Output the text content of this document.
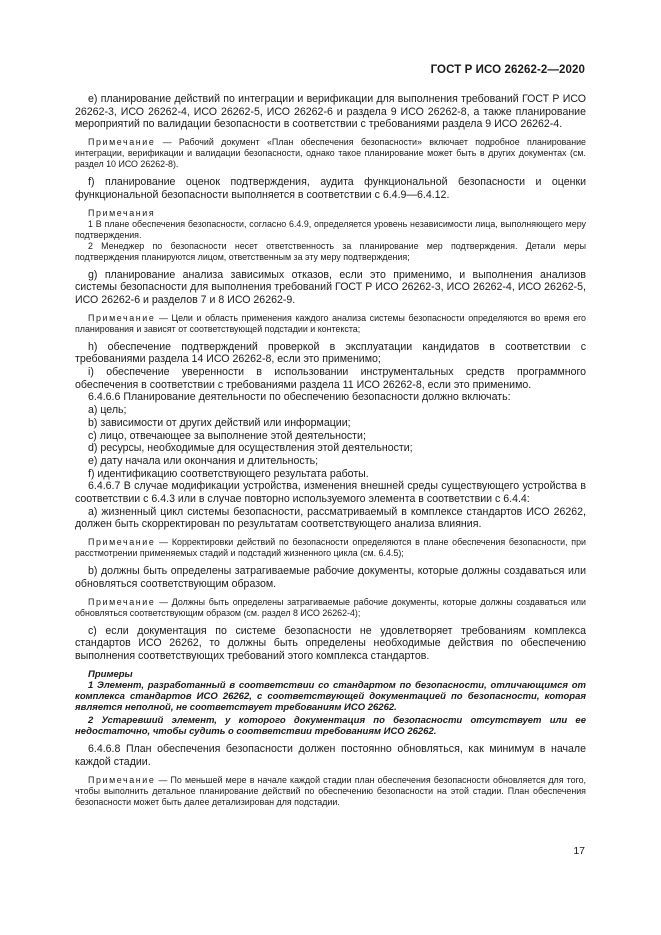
ГОСТ Р ИСО 26262-2—2020

е) планирование действий по интеграции и верификации для выполнения требований ГОСТ Р ИСО 26262-3, ИСО 26262-4, ИСО 26262-5, ИСО 26262-6 и раздела 9 ИСО 26262-8, а также планирование мероприятий по валидации безопасности в соответствии с требованиями раздела 9 ИСО 26262-4.

Примечание — Рабочий документ «План обеспечения безопасности» включает подробное планирование интеграции, верификации и валидации безопасности, однако такое планирование может быть в других документах (см. раздел 10 ИСО 26262-8).

f) планирование оценок подтверждения, аудита функциональной безопасности и оценки функциональной безопасности выполняется в соответствии с 6.4.9—6.4.12.

Примечания

1 В плане обеспечения безопасности, согласно 6.4.9, определяется уровень независимости лица, выполняющего меру подтверждения.

2 Менеджер по безопасности несет ответственность за планирование мер подтверждения. Детали меры подтверждения планируются лицом, ответственным за эту меру подтверждения;

g) планирование анализа зависимых отказов, если это применимо, и выполнения анализов системы безопасности для выполнения требований ГОСТ Р ИСО 26262-3, ИСО 26262-4, ИСО 26262-5, ИСО 26262-6 и разделов 7 и 8 ИСО 26262-9.

Примечание — Цели и область применения каждого анализа системы безопасности определяются во время его планирования и зависят от соответствующей подстадии и контекста;

h) обеспечение подтверждений проверкой в эксплуатации кандидатов в соответствии с требованиями раздела 14 ИСО 26262-8, если это применимо;

i) обеспечение уверенности в использовании инструментальных средств программного обеспечения в соответствии с требованиями раздела 11 ИСО 26262-8, если это применимо.

6.4.6.6 Планирование деятельности по обеспечению безопасности должно включать:

а) цель;

b) зависимости от других действий или информации;

с) лицо, отвечающее за выполнение этой деятельности;

d) ресурсы, необходимые для осуществления этой деятельности;

е) дату начала или окончания и длительность;

f) идентификацию соответствующего результата работы.

6.4.6.7 В случае модификации устройства, изменения внешней среды существующего устройства в соответствии с 6.4.3 или в случае повторно используемого элемента в соответствии с 6.4.4:

а) жизненный цикл системы безопасности, рассматриваемый в комплексе стандартов ИСО 26262, должен быть скорректирован по результатам соответствующего анализа влияния.

Примечание — Корректировки действий по безопасности определяются в плане обеспечения безопасности, при расстмотрении применяемых стадий и подстадий жизненного цикла (см. 6.4.5);

b) должны быть определены затрагиваемые рабочие документы, которые должны создаваться или обновляться соответствующим образом.

Примечание — Должны быть определены затрагиваемые рабочие документы, которые должны создаваться или обновляться соответствующим образом (см. раздел 8 ИСО 26262-4);

с) если документация по системе безопасности не удовлетворяет требованиям комплекса стандартов ИСО 26262, то должны быть определены необходимые действия по обеспечению выполнения соответствующих требований этого комплекса стандартов.

Примеры

1 Элемент, разработанный в соответствии со стандартом по безопасности, отличающимся от комплекса стандартов ИСО 26262, с соответствующей документацией по безопасности, которая является неполной, не соответствует требованиям ИСО 26262.

2 Устаревший элемент, у которого документация по безопасности отсутствует или ее недостаточно, чтобы судить о соответствии требованиям ИСО 26262.

6.4.6.8 План обеспечения безопасности должен постоянно обновляться, как минимум в начале каждой стадии.

Примечание — По меньшей мере в начале каждой стадии план обеспечения безопасности обновляется для того, чтобы выполнить детальное планирование действий по обеспечению безопасности на этой стадии. План обеспечения безопасности может быть далее детализирован для подстадии.

17
